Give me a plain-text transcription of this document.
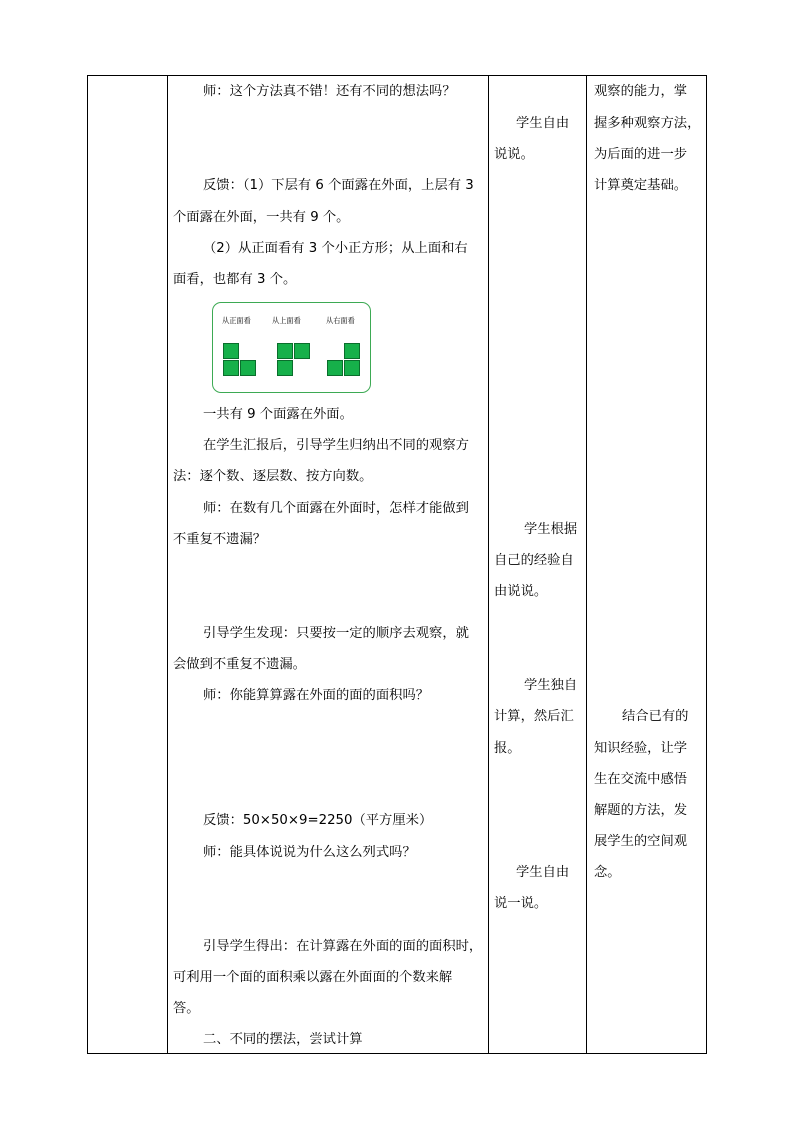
师：这个方法真不错！还有不同的想法吗？
反馈：（1）下层有 6 个面露在外面，上层有 3
个面露在外面，一共有 9 个。
（2）从正面看有 3 个小正方形；从上面和右
面看，也都有 3 个。
从正面看	从上面看	从右面看
一共有 9 个面露在外面。
在学生汇报后，引导学生归纳出不同的观察方
法：逐个数、逐层数、按方向数。
师：在数有几个面露在外面时，怎样才能做到
不重复不遗漏？
引导学生发现：只要按一定的顺序去观察，就
会做到不重复不遗漏。
师：你能算算露在外面的面的面积吗？
反馈：50×50×9=2250（平方厘米）
师：能具体说说为什么这么列式吗？
引导学生得出：在计算露在外面的面的面积时，
可利用一个面的面积乘以露在外面面的个数来解
答。
二、不同的摆法，尝试计算
学生自由
说说。
学生根据
自己的经验自
由说说。
学生独自
计算，然后汇
报。
学生自由
说一说。
观察的能力，掌
握多种观察方法，
为后面的进一步
计算奠定基础。
结合已有的
知识经验，让学
生在交流中感悟
解题的方法，发
展学生的空间观
念。
